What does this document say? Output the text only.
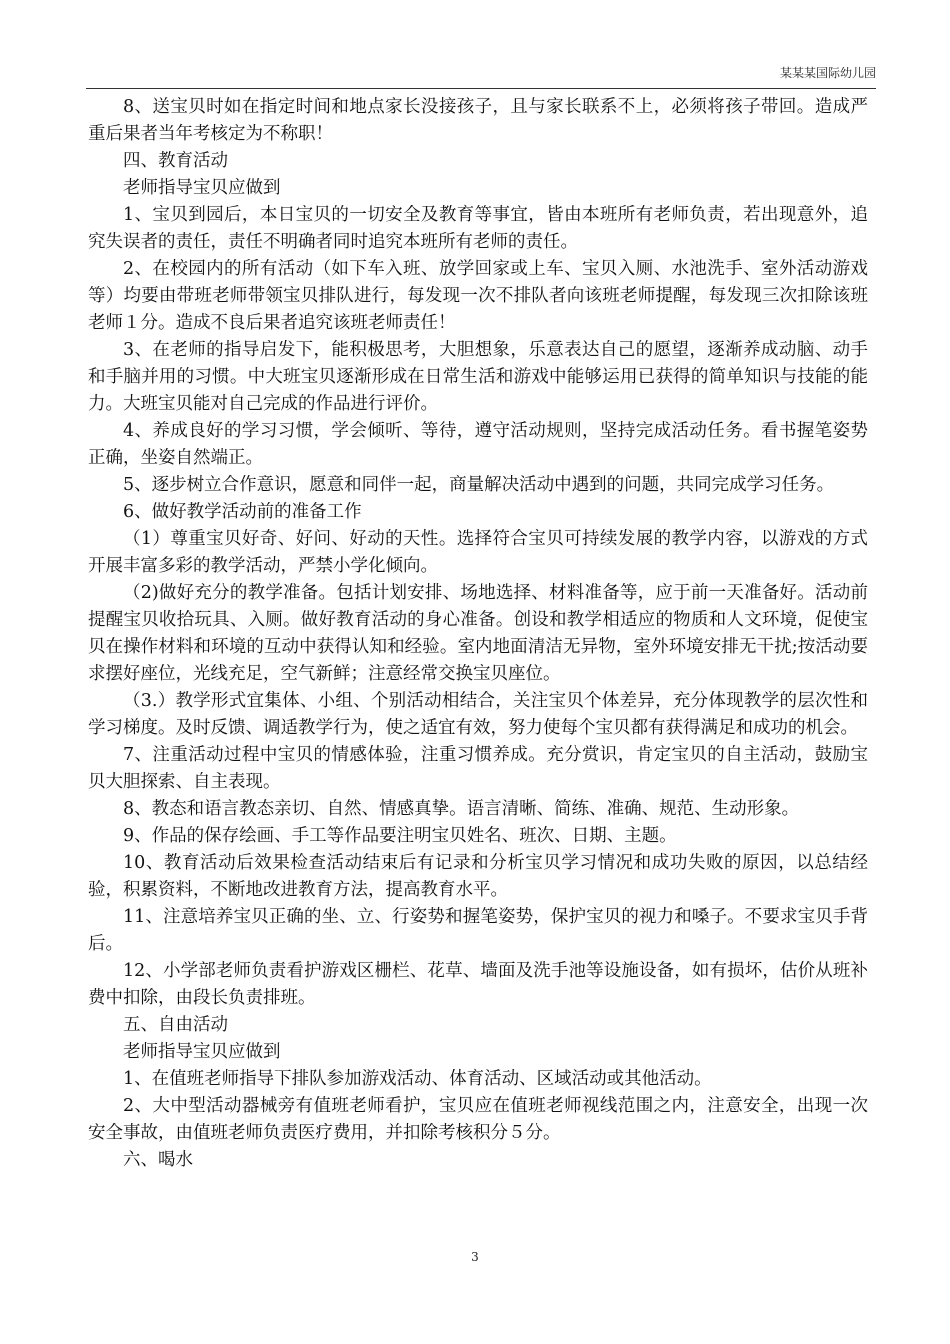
某某某国际幼儿园

8、送宝贝时如在指定时间和地点家长没接孩子，且与家长联系不上，必须将孩子带回。造成严重后果者当年考核定为不称职！

四、教育活动

老师指导宝贝应做到

1、宝贝到园后，本日宝贝的一切安全及教育等事宜，皆由本班所有老师负责，若出现意外，追究失误者的责任，责任不明确者同时追究本班所有老师的责任。

2、在校园内的所有活动（如下车入班、放学回家或上车、宝贝入厕、水池洗手、室外活动游戏等）均要由带班老师带领宝贝排队进行，每发现一次不排队者向该班老师提醒，每发现三次扣除该班老师１分。造成不良后果者追究该班老师责任！

3、在老师的指导启发下，能积极思考，大胆想象，乐意表达自己的愿望，逐渐养成动脑、动手和手脑并用的习惯。中大班宝贝逐渐形成在日常生活和游戏中能够运用已获得的简单知识与技能的能力。大班宝贝能对自己完成的作品进行评价。

4、养成良好的学习习惯，学会倾听、等待，遵守活动规则，坚持完成活动任务。看书握笔姿势正确，坐姿自然端正。

5、逐步树立合作意识，愿意和同伴一起，商量解决活动中遇到的问题，共同完成学习任务。

6、做好教学活动前的准备工作

（1）尊重宝贝好奇、好问、好动的天性。选择符合宝贝可持续发展的教学内容，以游戏的方式开展丰富多彩的教学活动，严禁小学化倾向。

（2)做好充分的教学准备。包括计划安排、场地选择、材料准备等，应于前一天准备好。活动前提醒宝贝收拾玩具、入厕。做好教育活动的身心准备。创设和教学相适应的物质和人文环境，促使宝贝在操作材料和环境的互动中获得认知和经验。室内地面清洁无异物，室外环境安排无干扰;按活动要求摆好座位，光线充足，空气新鲜；注意经常交换宝贝座位。

（3.）教学形式宜集体、小组、个别活动相结合，关注宝贝个体差异，充分体现教学的层次性和学习梯度。及时反馈、调适教学行为，使之适宜有效，努力使每个宝贝都有获得满足和成功的机会。

7、注重活动过程中宝贝的情感体验，注重习惯养成。充分赏识，肯定宝贝的自主活动，鼓励宝贝大胆探索、自主表现。

8、教态和语言教态亲切、自然、情感真挚。语言清晰、简练、准确、规范、生动形象。

9、作品的保存绘画、手工等作品要注明宝贝姓名、班次、日期、主题。

10、教育活动后效果检查活动结束后有记录和分析宝贝学习情况和成功失败的原因，以总结经验，积累资料，不断地改进教育方法，提高教育水平。

11、注意培养宝贝正确的坐、立、行姿势和握笔姿势，保护宝贝的视力和嗓子。不要求宝贝手背后。

12、小学部老师负责看护游戏区栅栏、花草、墙面及洗手池等设施设备，如有损坏，估价从班补费中扣除，由段长负责排班。

五、自由活动

老师指导宝贝应做到

1、在值班老师指导下排队参加游戏活动、体育活动、区域活动或其他活动。

2、大中型活动器械旁有值班老师看护，宝贝应在值班老师视线范围之内，注意安全，出现一次安全事故，由值班老师负责医疗费用，并扣除考核积分５分。

六、喝水

3
